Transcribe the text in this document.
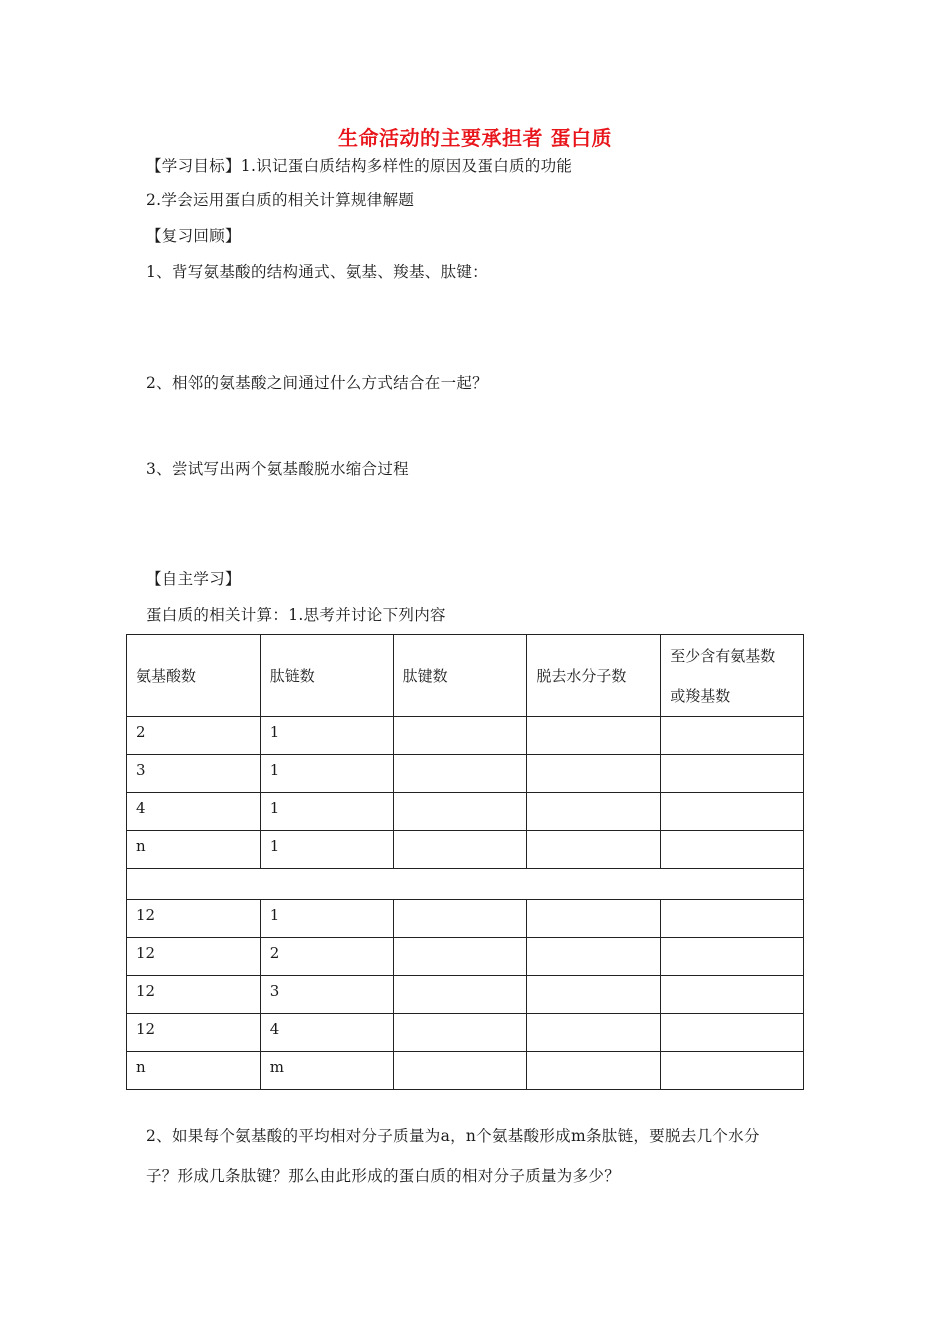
生命活动的主要承担者 蛋白质
【学习目标】1.识记蛋白质结构多样性的原因及蛋白质的功能
2.学会运用蛋白质的相关计算规律解题
【复习回顾】
1、背写氨基酸的结构通式、氨基、羧基、肽键：
2、相邻的氨基酸之间通过什么方式结合在一起？
3、尝试写出两个氨基酸脱水缩合过程
【自主学习】
蛋白质的相关计算：1.思考并讨论下列内容
氨基酸数	肽链数	肽键数	脱去水分子数	至少含有氨基数
或羧基数
2	1			
3	1			
4	1			
n	1			

12	1			
12	2			
12	3			
12	4			
n	m			
2、如果每个氨基酸的平均相对分子质量为a，n个氨基酸形成m条肽链，要脱去几个水分
子？形成几条肽键？那么由此形成的蛋白质的相对分子质量为多少？
